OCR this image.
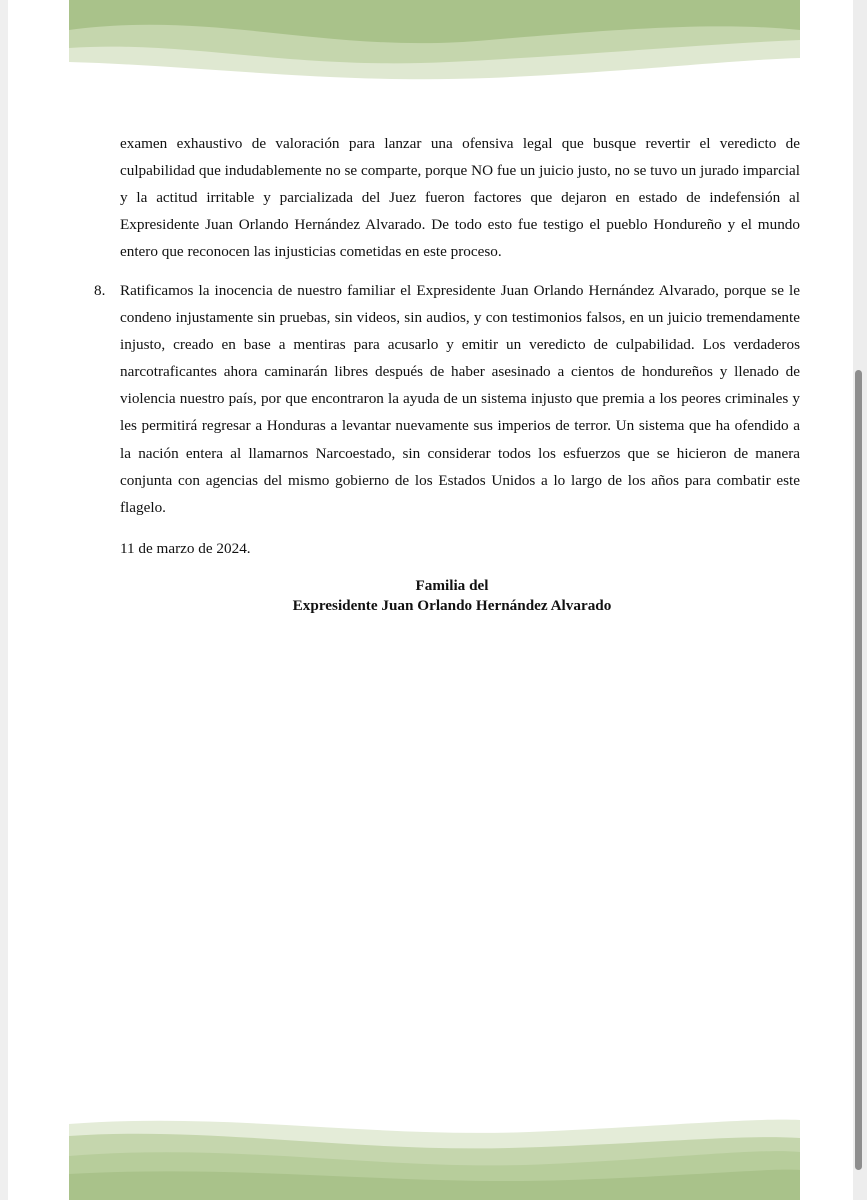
examen exhaustivo de valoración para lanzar una ofensiva legal que busque revertir el veredicto de culpabilidad que indudablemente no se comparte, porque NO fue un juicio justo, no se tuvo un jurado imparcial y la actitud irritable y parcializada del Juez fueron factores que dejaron en estado de indefensión al Expresidente Juan Orlando Hernández Alvarado. De todo esto fue testigo el pueblo Hondureño y el mundo entero que reconocen las injusticias cometidas en este proceso.
8. Ratificamos la inocencia de nuestro familiar el Expresidente Juan Orlando Hernández Alvarado, porque se le condeno injustamente sin pruebas, sin videos, sin audios, y con testimonios falsos, en un juicio tremendamente injusto, creado en base a mentiras para acusarlo y emitir un veredicto de culpabilidad. Los verdaderos narcotraficantes ahora caminarán libres después de haber asesinado a cientos de hondureños y llenado de violencia nuestro país, por que encontraron la ayuda de un sistema injusto que premia a los peores criminales y les permitirá regresar a Honduras a levantar nuevamente sus imperios de terror. Un sistema que ha ofendido a la nación entera al llamarnos Narcoestado, sin considerar todos los esfuerzos que se hicieron de manera conjunta con agencias del mismo gobierno de los Estados Unidos a lo largo de los años para combatir este flagelo.
11 de marzo de 2024.
Familia del
Expresidente Juan Orlando Hernández Alvarado
